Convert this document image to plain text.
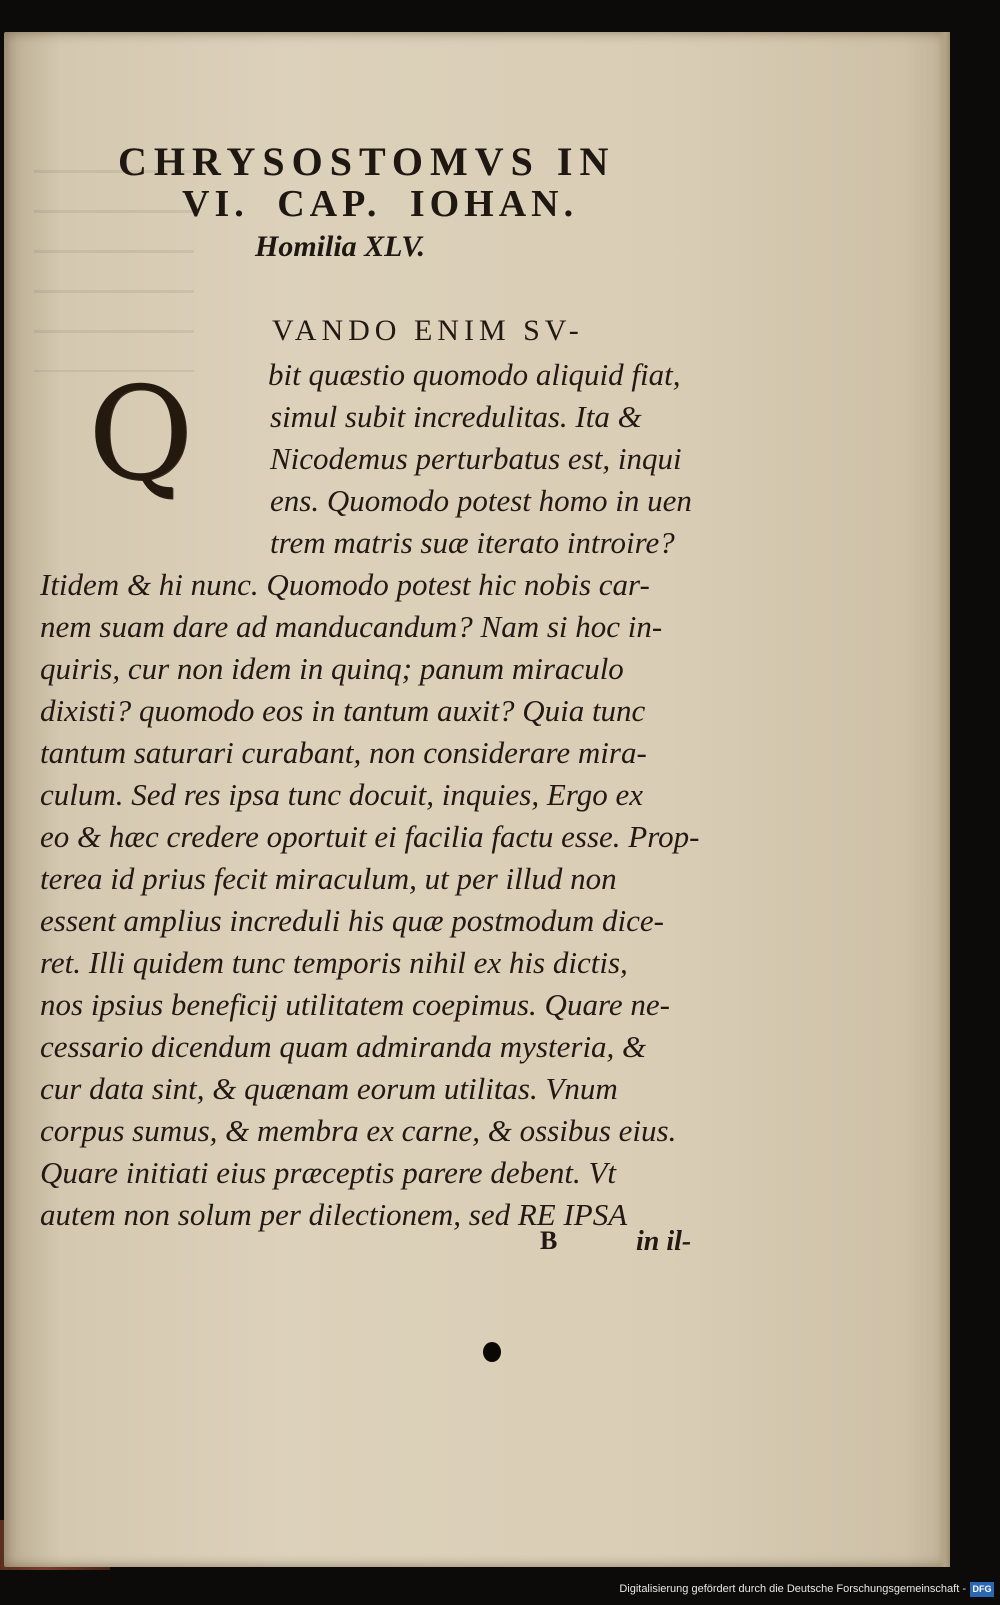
CHRYSOSTOMVS IN
VI. CAP. IOHAN.
Homilia XLV.

Q

VANDO ENIM SV-
bit quæstio quomodo aliquid fiat,
simul subit incredulitas. Ita &
Nicodemus perturbatus est, inqui
ens. Quomodo potest homo in uen
trem matris suæ iterato introire?
Itidem & hi nunc. Quomodo potest hic nobis car-
nem suam dare ad manducandum? Nam si hoc in-
quiris, cur non idem in quinq; panum miraculo
dixisti? quomodo eos in tantum auxit? Quia tunc
tantum saturari curabant, non considerare mira-
culum. Sed res ipsa tunc docuit, inquies, Ergo ex
eo & hæc credere oportuit ei facilia factu esse. Prop-
terea id prius fecit miraculum, ut per illud non
essent amplius increduli his quæ postmodum dice-
ret. Illi quidem tunc temporis nihil ex his dictis,
nos ipsius beneficij utilitatem coepimus. Quare ne-
cessario dicendum quam admiranda mysteria, &
cur data sint, & quænam eorum utilitas. Vnum
corpus sumus, & membra ex carne, & ossibus eius.
Quare initiati eius præceptis parere debent. Vt
autem non solum per dilectionem, sed RE IPSA
B	in il-

Digitalisierung gefördert durch die Deutsche Forschungsgemeinschaft - DFG
